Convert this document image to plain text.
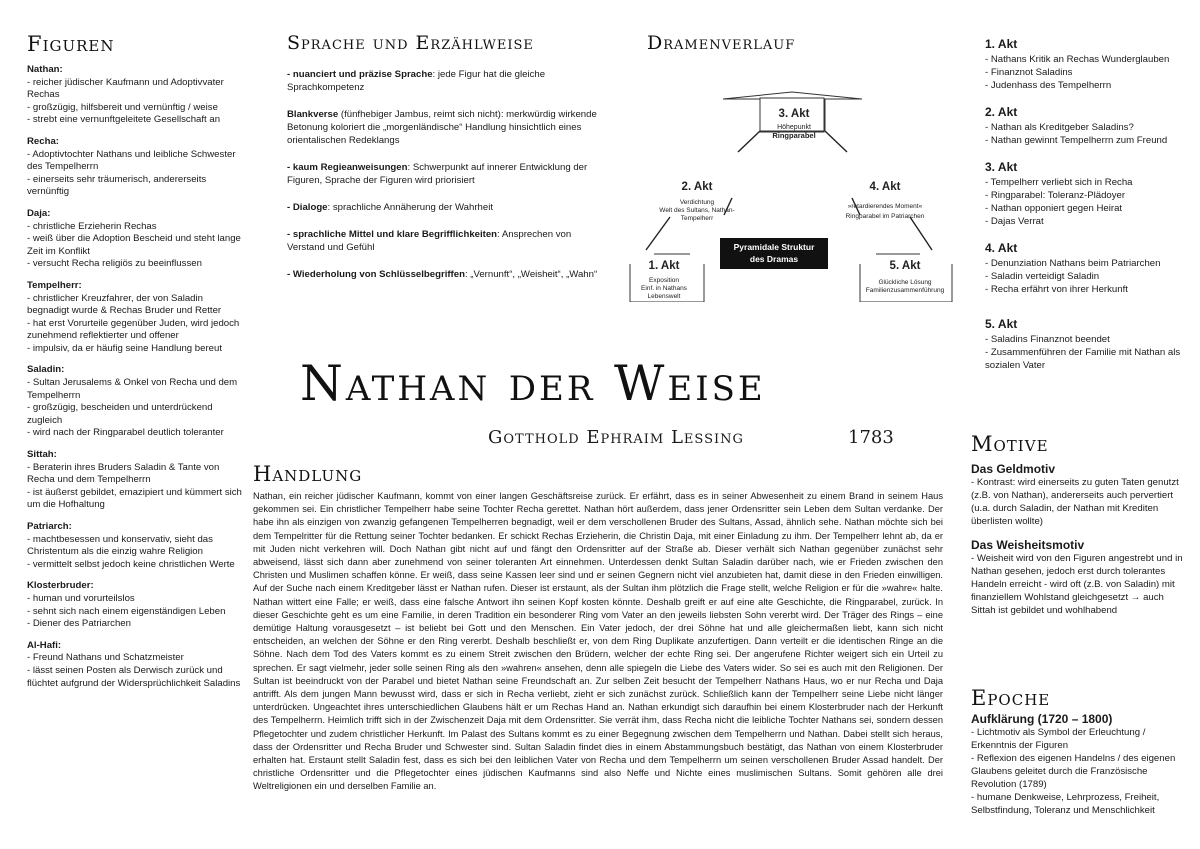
Figuren
Nathan :
- reicher jüdischer Kaufmann und Adoptivvater Rechas
- großzügig, hilfsbereit und vernünftig / weise
- strebt eine vernunftgeleitete Gesellschaft an
Recha :
- Adoptivtochter Nathans und leibliche Schwester des Tempelherrn
- einerseits sehr träumerisch, andererseits vernünftig
Daja :
- christliche Erzieherin Rechas
- weiß über die Adoption Bescheid und steht lange Zeit im Konflikt
- versucht Recha religiös zu beeinflussen
Tempelherr :
- christlicher Kreuzfahrer, der von Saladin begnadigt wurde & Rechas Bruder und Retter
- hat erst Vorurteile gegenüber Juden, wird jedoch zunehmend reflektierter und offener
- impulsiv, da er häufig seine Handlung bereut
Saladin :
- Sultan Jerusalems & Onkel von Recha und dem Tempelherrn
- großzügig, bescheiden und unterdrückend zugleich
- wird nach der Ringparabel deutlich toleranter
Sittah :
- Beraterin ihres Bruders Saladin & Tante von Recha und dem Tempelherrn
- ist äußerst gebildet, emazipiert und kümmert sich um die Hofhaltung
Patriarch :
- machtbesessen und konservativ, sieht das Christentum als die einzig wahre Religion
- vermittelt selbst jedoch keine christlichen Werte
Klosterbruder :
- human und vorurteilslos
- sehnt sich nach einem eigenständigen Leben
- Diener des Patriarchen
Al-Hafi :
- Freund Nathans und Schatzmeister
- lässt seinen Posten als Derwisch zurück und flüchtet aufgrund der Widersprüchlichkeit Saladins
Sprache und Erzählweise
- nuanciert und präzise Sprache: jede Figur hat die gleiche Sprachkompetenz
Blankverse (fünfhebiger Jambus, reimt sich nicht): merkwürdig wirkende Betonung koloriert die „morgenländische“ Handlung hinsichtlich eines orientalischen Redeklangs
- kaum Regieanweisungen: Schwerpunkt auf innerer Entwicklung der Figuren, Sprache der Figuren wird priorisiert
- Dialoge: sprachliche Annäherung der Wahrheit
- sprachliche Mittel und klare Begrifflichkeiten: Ansprechen von Verstand und Gefühl
- Wiederholung von Schlüsselbegriffen: „Vernunft“, „Weisheit“, „Wahn“
Pyramidale Struktur
des Dramas
3. Akt
Höhepunkt
Ringparabel
2. Akt
Verdichtung
Welt des Sultans, Nathan-
Tempelherr
4. Akt
»retardierendes Moment«
Ringparabel im Patriarchen
1. Akt
Exposition
Einf. in Nathans
Lebenswelt
5. Akt
Glückliche Lösung
Familienzusammenführung
Dramenverlauf	1. Akt
- Nathans Kritik an Rechas Wunderglauben
- Finanznot Saladins
- Judenhass des Tempelherrn
2. Akt
- Nathan als Kreditgeber Saladins?
- Nathan gewinnt Tempelherrn zum Freund
3. Akt
- Tempelherr verliebt sich in Recha
- Ringparabel: Toleranz-Plädoyer
- Nathan opponiert gegen Heirat
- Dajas Verrat
4. Akt
- Denunziation Nathans beim Patriarchen
- Saladin verteidigt Saladin
- Recha erfährt von ihrer Herkunft
5. Akt
- Saladins Finanznot beendet
- Zusammenführen der Familie mit Nathan als sozialen Vater
Nathan der Weise
Gotthold Ephraim Lessing	1783
Handlung

Nathan, ein reicher jüdischer Kaufmann, kommt von einer langen Geschäftsreise zurück. Er erfährt, dass es in seiner Abwesenheit zu einem Brand in seinem Haus gekommen sei. Ein christlicher Tempelherr habe seine Tochter Recha gerettet. Nathan hört außerdem, dass jener Ordensritter sein Leben dem Sultan verdanke. Der habe ihn als einzigen von zwanzig gefangenen Tempelherren begnadigt, weil er dem verschollenen Bruder des Sultans, Assad, ähnlich sehe. Nathan möchte sich bei dem Tempelritter für die Rettung seiner Tochter bedanken. Er schickt Rechas Erzieherin, die Christin Daja, mit einer Einladung zu ihm. Der Tempelherr lehnt ab, da er mit Juden nicht verkehren will. Doch Nathan gibt nicht auf und fängt den Ordensritter auf der Straße ab. Dieser verhält sich Nathan gegenüber zunächst sehr abweisend, lässt sich dann aber zunehmend von seiner toleranten Art einnehmen. Unterdessen denkt Sultan Saladin darüber nach, wie er Frieden zwischen den Christen und Muslimen schaffen könne. Er weiß, dass seine Kassen leer sind und er seinen Gegnern nicht viel anzubieten hat, damit diese in den Frieden einwilligen. Auf der Suche nach einem Kreditgeber lässt er Nathan rufen. Dieser ist erstaunt, als der Sultan ihm plötzlich die Frage stellt, welche Religion er für die »wahre« halte. Nathan wittert eine Falle; er weiß, dass eine falsche Antwort ihn seinen Kopf kosten könnte. Deshalb greift er auf eine alte Geschichte, die Ringparabel, zurück. In dieser Geschichte geht es um eine Familie, in deren Tradition ein besonderer Ring vom Vater an den jeweils liebsten Sohn vererbt wird. Der Träger des Rings – eine demütige Haltung vorausgesetzt – ist beliebt bei Gott und den Menschen. Ein Vater jedoch, der drei Söhne hat und alle gleichermaßen liebt, kann sich nicht entscheiden, an welchen der Söhne er den Ring vererbt. Deshalb beschließt er, von dem Ring Duplikate anzufertigen. Dann verteilt er die identischen Ringe an die Söhne. Nach dem Tod des Vaters kommt es zu einem Streit zwischen den Brüdern, welcher der echte Ring sei. Der angerufene Richter weigert sich ein Urteil zu sprechen. Er sagt vielmehr, jeder solle seinen Ring als den »wahren« ansehen, denn alle spiegeln die Liebe des Vaters wider. So sei es auch mit den Religionen. Der Sultan ist beeindruckt von der Parabel und bietet Nathan seine Freundschaft an. Zur selben Zeit besucht der Tempelherr Nathans Haus, wo er nur Recha und Daja antrifft. Als dem jungen Mann bewusst wird, dass er sich in Recha verliebt, zieht er sich zunächst zurück. Schließlich kann der Tempelherr seine Liebe nicht länger unterdrücken. Ungeachtet ihres unterschiedlichen Glaubens hält er um Rechas Hand an. Nathan erkundigt sich daraufhin bei einem Klosterbruder nach der Herkunft des Tempelherrn. Heimlich trifft sich in der Zwischenzeit Daja mit dem Ordensritter. Sie verrät ihm, dass Recha nicht die leibliche Tochter Nathans sei, sondern dessen Pflegetochter und zudem christlicher Herkunft. Im Palast des Sultans kommt es zu einer Begegnung zwischen dem Tempelherrn und Nathan. Dabei stellt sich heraus, dass der Ordensritter und Recha Bruder und Schwester sind. Sultan Saladin findet dies in einem Abstammungsbuch bestätigt, das Nathan von einem Klosterbruder erhalten hat. Erstaunt stellt Saladin fest, dass es sich bei den leiblichen Vater von Recha und dem Tempelherrn um seinen verschollenen Bruder Assad handelt. Der christliche Ordensritter und die Pflegetochter eines jüdischen Kaufmanns sind also Neffe und Nichte eines muslimischen Sultans. Somit gehören alle drei Weltreligionen ein und derselben Familie an.

Motive
Das Geldmotiv

- Kontrast: wird einerseits zu guten Taten genutzt (z.B. von Nathan), andererseits auch pervertiert (u.a. durch Saladin, der Nathan mit Krediten überlisten wollte)

Das Weisheitsmotiv

- Weisheit wird von den Figuren angestrebt und in Nathan gesehen, jedoch erst durch tolerantes Handeln erreicht - wird oft (z.B. von Saladin) mit finanziellem Wohlstand gleichgesetzt → auch Sittah ist gebildet und wohlhabend

Epoche
Aufklärung (1720 – 1800)
- Lichtmotiv als Symbol der Erleuchtung / Erkenntnis der Figuren
- Reflexion des eigenen Handelns / des eigenen Glaubens geleitet durch die Französische Revolution (1789)
- humane Denkweise, Lehrprozess, Freiheit, Selbstfindung, Toleranz und Menschlichkeit
